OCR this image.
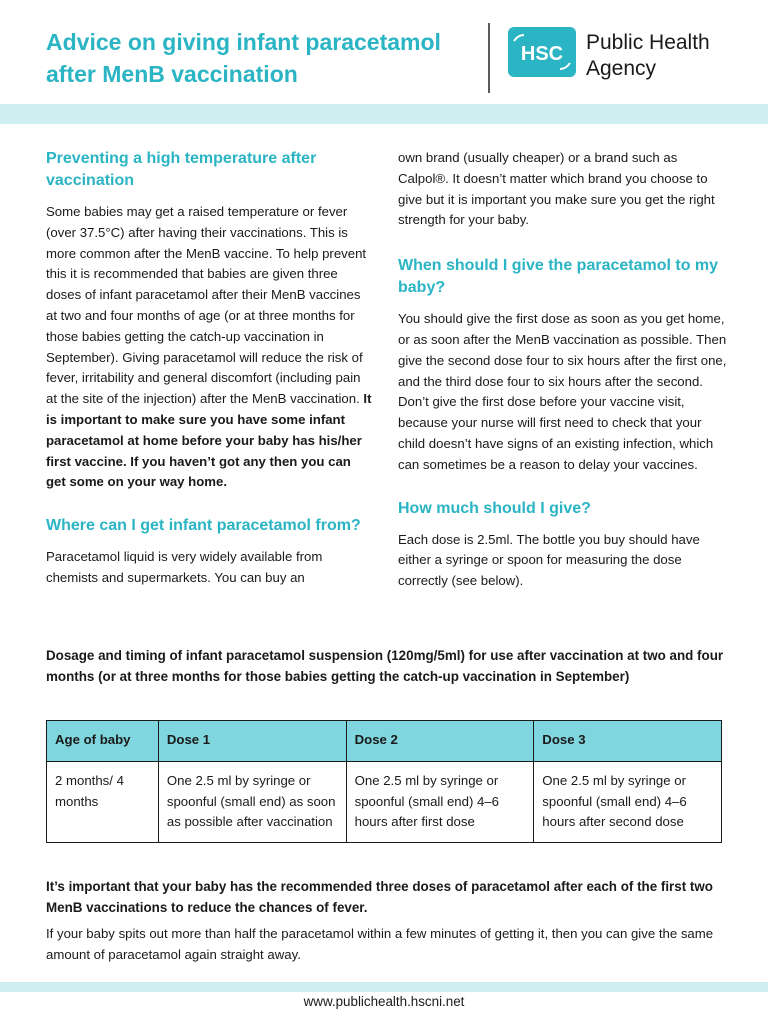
Advice on giving infant paracetamol after MenB vaccination
HSC Public Health
Agency
Preventing a high temperature after vaccination

Some babies may get a raised temperature or fever (over 37.5°C) after having their vaccinations. This is more common after the MenB vaccine. To help prevent this it is recommended that babies are given three doses of infant paracetamol after their MenB vaccines at two and four months of age (or at three months for those babies getting the catch-up vaccination in September). Giving paracetamol will reduce the risk of fever, irritability and general discomfort (including pain at the site of the injection) after the MenB vaccination. It is important to make sure you have some infant paracetamol at home before your baby has his/her first vaccine. If you haven’t got any then you can get some on your way home.

Where can I get infant paracetamol from?

Paracetamol liquid is very widely available from chemists and supermarkets. You can buy an

own brand (usually cheaper) or a brand such as Calpol®. It doesn’t matter which brand you choose to give but it is important you make sure you get the right strength for your baby.

When should I give the paracetamol to my baby?

You should give the first dose as soon as you get home, or as soon after the MenB vaccination as possible. Then give the second dose four to six hours after the first one, and the third dose four to six hours after the second. Don’t give the first dose before your vaccine visit, because your nurse will first need to check that your child doesn’t have signs of an existing infection, which can sometimes be a reason to delay your vaccines.

How much should I give?

Each dose is 2.5ml. The bottle you buy should have either a syringe or spoon for measuring the dose correctly (see below).

Dosage and timing of infant paracetamol suspension (120mg/5ml) for use after vaccination at two and four months (or at three months for those babies getting the catch-up vaccination in September)
Age of baby	Dose 1	Dose 2	Dose 3
2 months/ 4 months	One 2.5 ml by syringe or spoonful (small end) as soon as possible after vaccination	One 2.5 ml by syringe or spoonful (small end) 4–6 hours after first dose	One 2.5 ml by syringe or spoonful (small end) 4–6 hours after second dose

It’s important that your baby has the recommended three doses of paracetamol after each of the first two MenB vaccinations to reduce the chances of fever.

If your baby spits out more than half the paracetamol within a few minutes of getting it, then you can give the same amount of paracetamol again straight away.

www.publichealth.hscni.net
